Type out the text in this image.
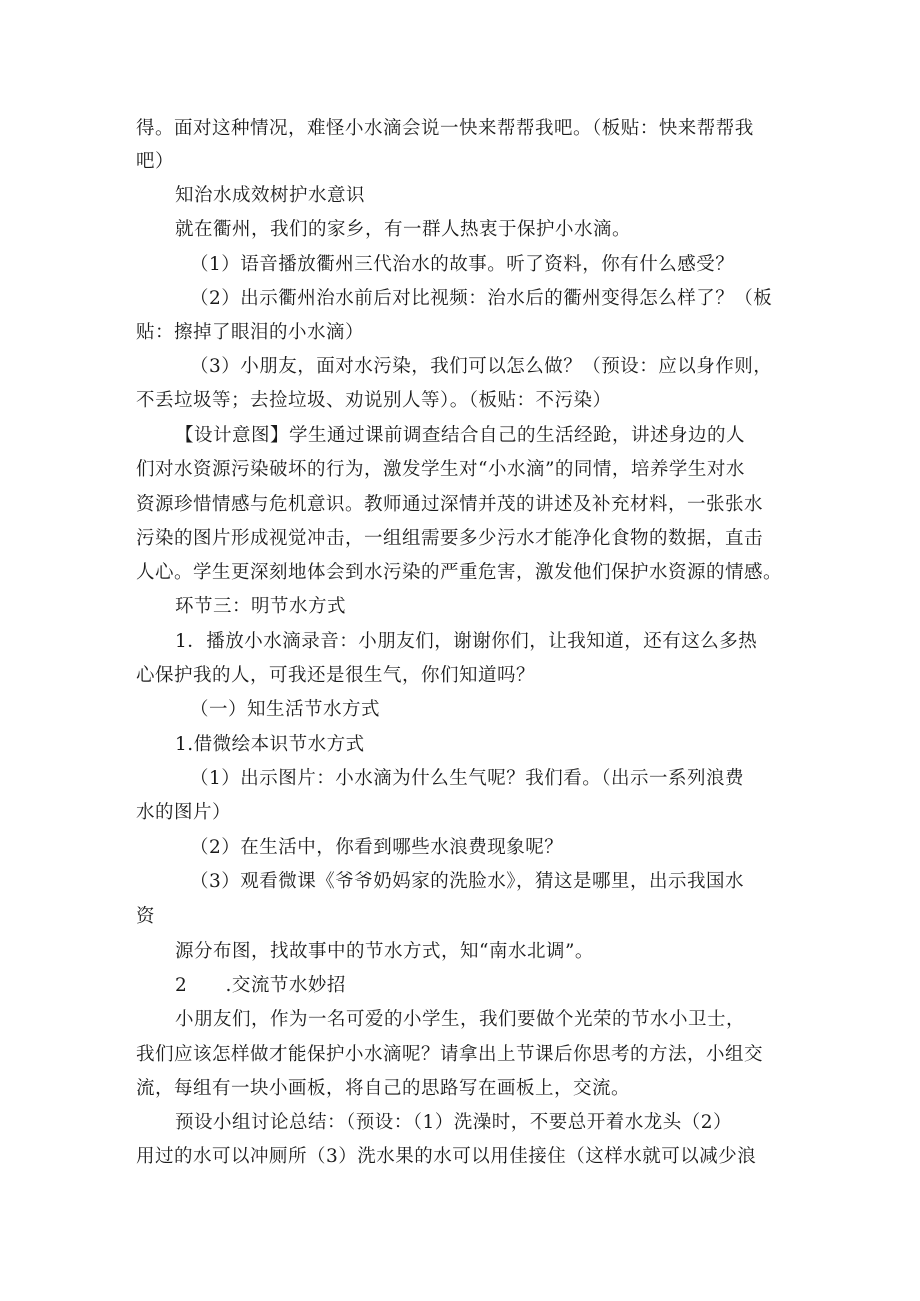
得。面对这种情况，难怪小水滴会说一快来帮帮我吧。（板贴：快来帮帮我
吧）
知治水成效树护水意识
就在衢州，我们的家乡，有一群人热衷于保护小水滴。
（1）语音播放衢州三代治水的故事。听了资料，你有什么感受？
（2）出示衢州治水前后对比视频：治水后的衢州变得怎么样了？（板
贴：擦掉了眼泪的小水滴）
（3）小朋友，面对水污染，我们可以怎么做？（预设：应以身作则，
不丢垃圾等；去捡垃圾、劝说别人等）。（板贴：不污染）
【设计意图】学生通过课前调查结合自己的生活经跄，讲述身边的人
们对水资源污染破坏的行为，激发学生对“小水滴”的同情，培养学生对水
资源珍惜情感与危机意识。教师通过深情并茂的讲述及补充材料，一张张水
污染的图片形成视觉冲击，一组组需要多少污水才能净化食物的数据，直击
人心。学生更深刻地体会到水污染的严重危害，激发他们保护水资源的情感。
环节三：明节水方式
1．播放小水滴录音：小朋友们，谢谢你们，让我知道，还有这么多热
心保护我的人，可我还是很生气，你们知道吗？
（一）知生活节水方式
1.借微绘本识节水方式
（1）出示图片：小水滴为什么生气呢？我们看。（出示一系列浪费
水的图片）
（2）在生活中，你看到哪些水浪费现象呢？
（3）观看微课《爷爷奶妈家的洗脸水》，猜这是哪里，出示我国水
资
源分布图，找故事中的节水方式，知“南水北调”。
2      .交流节水妙招
小朋友们，作为一名可爱的小学生，我们要做个光荣的节水小卫士，
我们应该怎样做才能保护小水滴呢？请拿出上节课后你思考的方法，小组交
流，每组有一块小画板，将自己的思路写在画板上，交流。
预设小组讨论总结：（预设：（1）洗澡时，不要总开着水龙头（2）
用过的水可以冲厕所（3）洗水果的水可以用佳接住（这样水就可以减少浪
